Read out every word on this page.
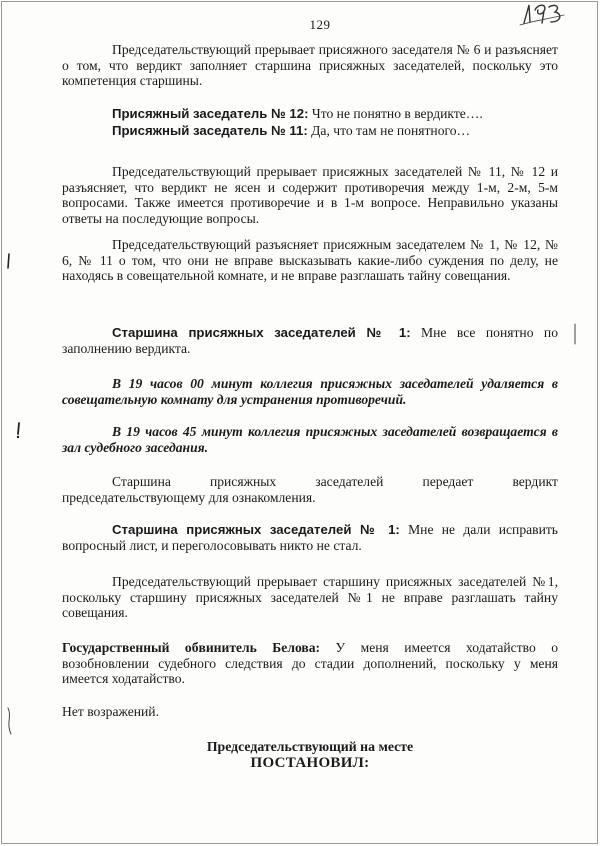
129

Председательствующий прерывает присяжного заседателя № 6 и разъясняет о том, что вердикт заполняет старшина присяжных заседателей, поскольку это компетенция старшины.

Присяжный заседатель № 12: Что не понятно в вердикте….

Присяжный заседатель № 11: Да, что там не понятного…

Председательствующий прерывает присяжных заседателей № 11, № 12 и разъясняет, что вердикт не ясен и содержит противоречия между 1-м, 2-м, 5-м вопросами. Также имеется противоречие и в 1-м вопросе. Неправильно указаны ответы на последующие вопросы.

Председательствующий разъясняет присяжным заседателем № 1, № 12, № 6, № 11 о том, что они не вправе высказывать какие-либо суждения по делу, не находясь в совещательной комнате, и не вправе разглашать тайну совещания.

Старшина присяжных заседателей № 1: Мне все понятно по заполнению вердикта.

В 19 часов 00 минут коллегия присяжных заседателей удаляется в совещательную комнату для устранения противоречий.

В 19 часов 45 минут коллегия присяжных заседателей возвращается в зал судебного заседания.

Старшина присяжных заседателей передает вердикт председательствующему для ознакомления.

Старшина присяжных заседателей № 1: Мне не дали исправить вопросный лист, и переголосовывать никто не стал.

Председательствующий прерывает старшину присяжных заседателей №1, поскольку старшину присяжных заседателей №1 не вправе разглашать тайну совещания.

Государственный обвинитель Белова: У меня имеется ходатайство о возобновлении судебного следствия до стадии дополнений, поскольку у меня имеется ходатайство.

Нет возражений.

Председательствующий на месте

ПОСТАНОВИЛ:
